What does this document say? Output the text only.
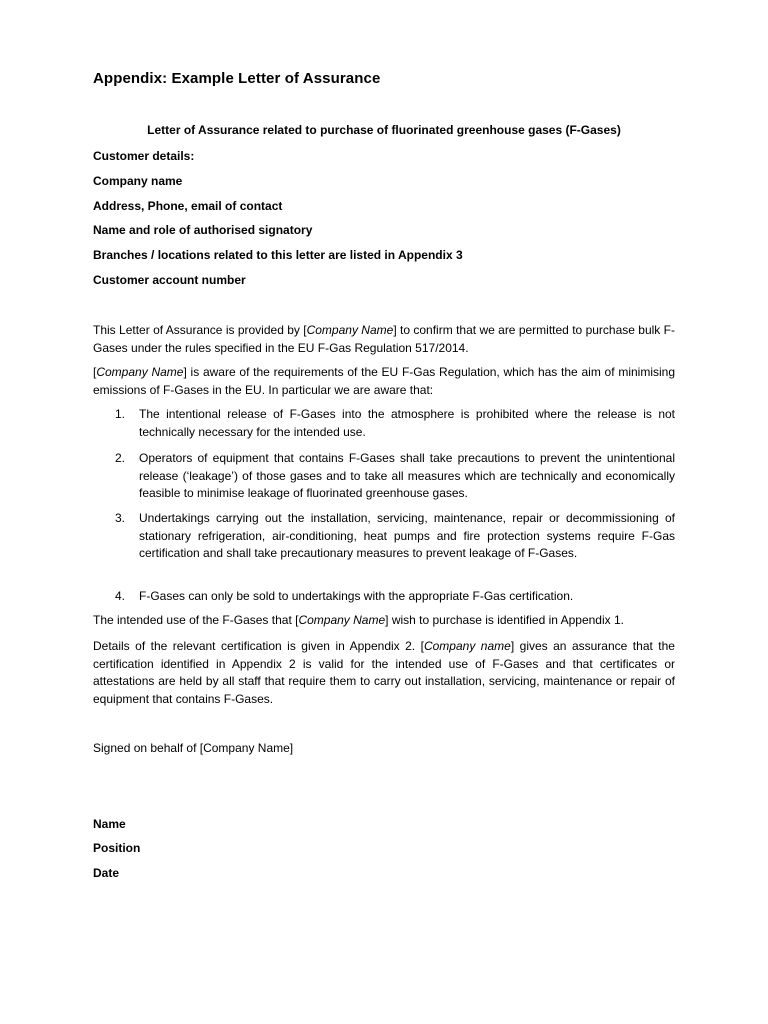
Appendix: Example Letter of Assurance
Letter of Assurance related to purchase of fluorinated greenhouse gases (F-Gases)
Customer details:
Company name
Address, Phone, email of contact
Name and role of authorised signatory
Branches / locations related to this letter are listed in Appendix 3
Customer account number
This Letter of Assurance is provided by [Company Name] to confirm that we are permitted to purchase bulk F-Gases under the rules specified in the EU F-Gas Regulation 517/2014.
[Company Name] is aware of the requirements of the EU F-Gas Regulation, which has the aim of minimising emissions of F-Gases in the EU. In particular we are aware that:
1. The intentional release of F-Gases into the atmosphere is prohibited where the release is not technically necessary for the intended use.
2. Operators of equipment that contains F-Gases shall take precautions to prevent the unintentional release (‘leakage’) of those gases and to take all measures which are technically and economically feasible to minimise leakage of fluorinated greenhouse gases.
3. Undertakings carrying out the installation, servicing, maintenance, repair or decommissioning of stationary refrigeration, air-conditioning, heat pumps and fire protection systems require F-Gas certification and shall take precautionary measures to prevent leakage of F-Gases.
4. F-Gases can only be sold to undertakings with the appropriate F-Gas certification.
The intended use of the F-Gases that [Company Name] wish to purchase is identified in Appendix 1.
Details of the relevant certification is given in Appendix 2. [Company name] gives an assurance that the certification identified in Appendix 2 is valid for the intended use of F-Gases and that certificates or attestations are held by all staff that require them to carry out installation, servicing, maintenance or repair of equipment that contains F-Gases.
Signed on behalf of [Company Name]
Name
Position
Date
